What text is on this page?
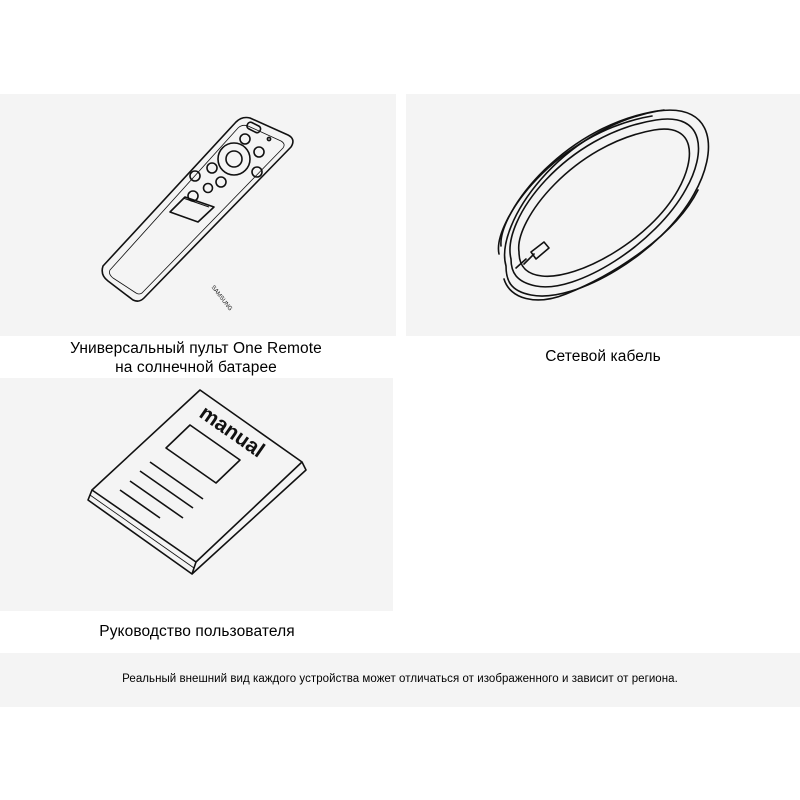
SAMSUNG
Универсальный пульт One Remote
на солнечной батарее
Сетевой кабель
manual
Руководство пользователя
Реальный внешний вид каждого устройства может отличаться от изображенного и зависит от региона.
